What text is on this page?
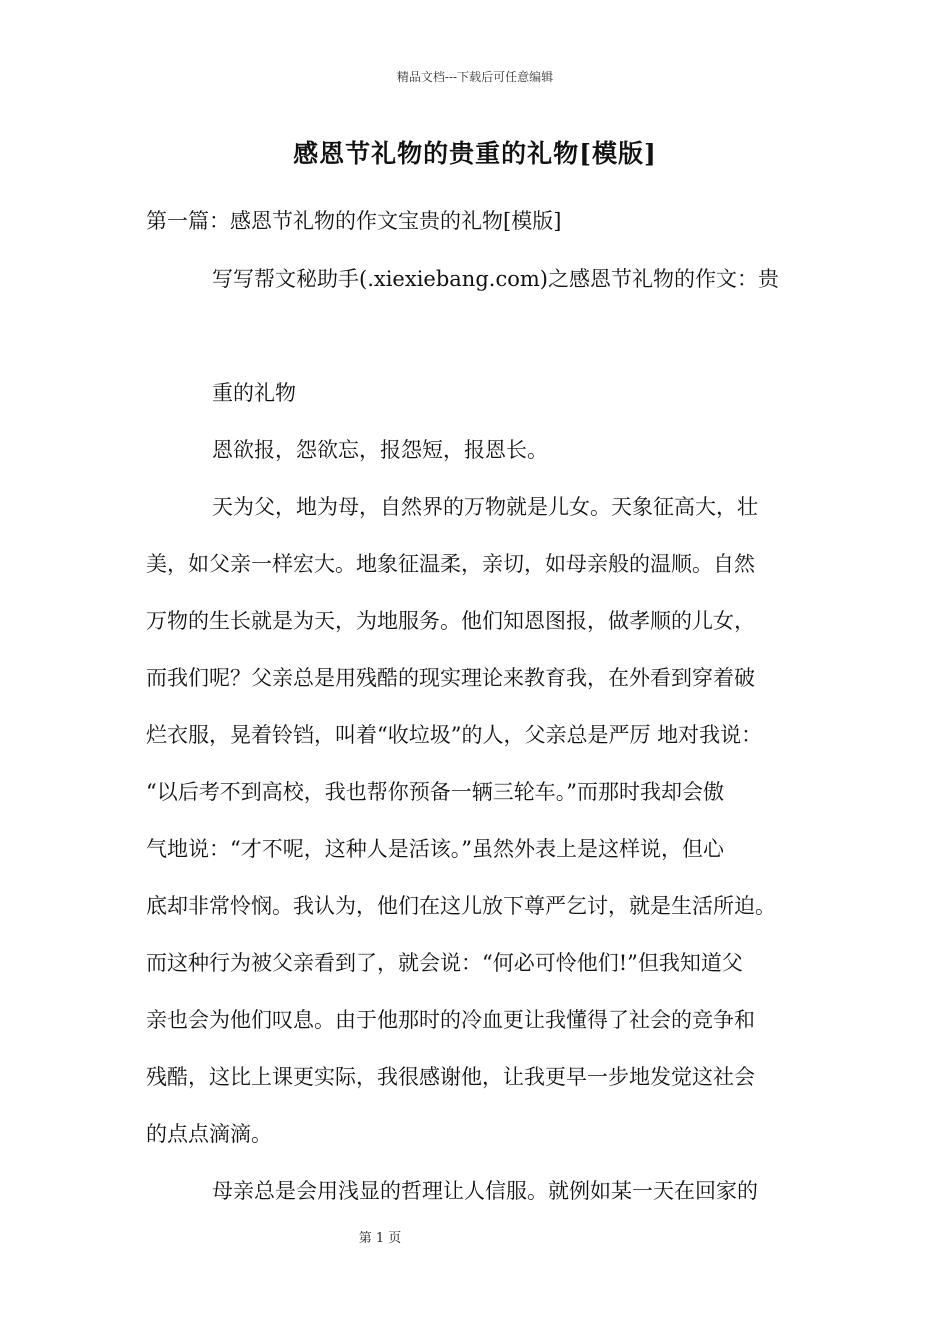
精品文档---下载后可任意编辑
感恩节礼物的贵重的礼物[模版]
第一篇：感恩节礼物的作文宝贵的礼物[模版]
写写帮文秘助手(.xiexiebang.com)之感恩节礼物的作文：贵
重的礼物
恩欲报，怨欲忘，报怨短，报恩长。
天为父，地为母，自然界的万物就是儿女。天象征高大，壮
美，如父亲一样宏大。地象征温柔，亲切，如母亲般的温顺。自然
万物的生长就是为天，为地服务。他们知恩图报，做孝顺的儿女，
而我们呢？父亲总是用残酷的现实理论来教育我，在外看到穿着破
烂衣服，晃着铃铛，叫着“收垃圾”的人，父亲总是严厉 地对我说：
“以后考不到高校，我也帮你预备一辆三轮车。”而那时我却会傲
气地说：“才不呢，这种人是活该。”虽然外表上是这样说，但心
底却非常怜悯。我认为，他们在这儿放下尊严乞讨，就是生活所迫。
而这种行为被父亲看到了，就会说：“何必可怜他们!”但我知道父
亲也会为他们叹息。由于他那时的冷血更让我懂得了社会的竞争和
残酷，这比上课更实际，我很感谢他，让我更早一步地发觉这社会
的点点滴滴。
母亲总是会用浅显的哲理让人信服。就例如某一天在回家的
第 1 页
